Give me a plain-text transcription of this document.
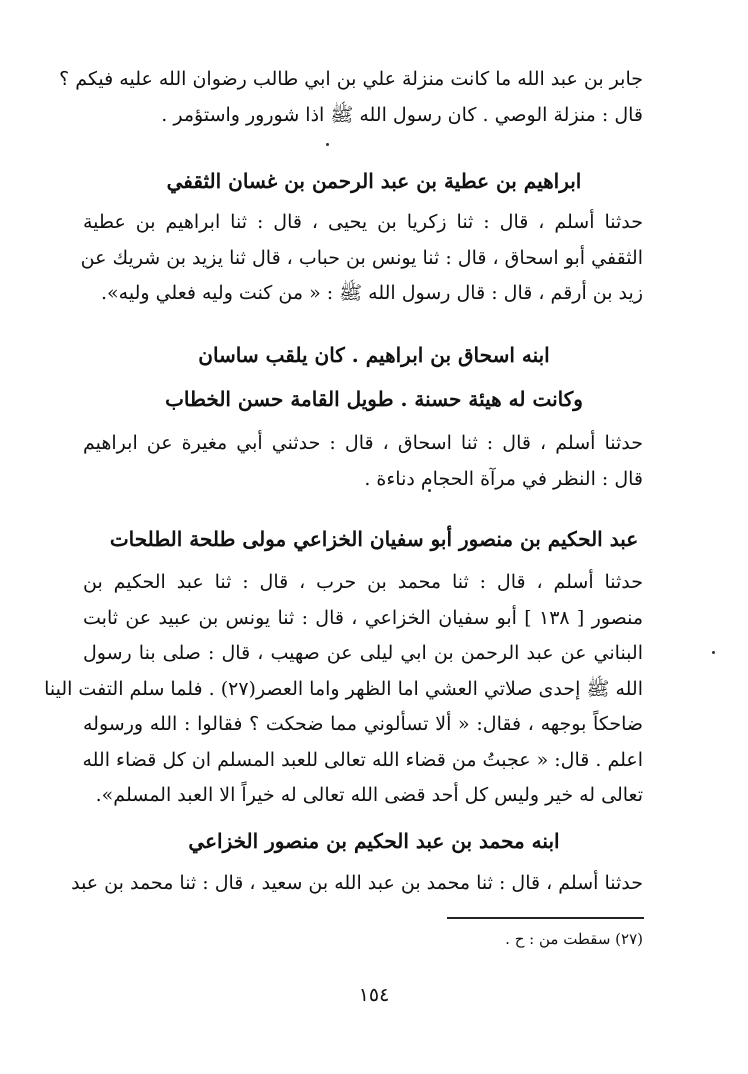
جابر بن عبد الله ما كانت منزلة علي بن ابي طالب رضوان الله عليه فيكم ؟
قال : منزلة الوصي . كان رسول الله ﷺ اذا شورور واستؤمر .

ابراهيم بن عطية بن عبد الرحمن بن غسان الثقفي

حدثنا أسلم ، قال : ثنا زكريا بن يحيى ، قال : ثنا ابراهيم بن عطية
الثقفي أبو اسحاق ، قال : ثنا يونس بن حباب ، قال ثنا يزيد بن شريك عن
زيد بن أرقم ، قال : قال رسول الله ﷺ : « من كنت وليه فعلي وليه».

ابنه اسحاق بن ابراهيم . كان يلقب ساسان
وكانت له هيئة حسنة . طويل القامة حسن الخطاب

حدثنا أسلم ، قال : ثنا اسحاق ، قال : حدثني أبي مغيرة عن ابراهيم
قال : النظر في مرآة الحجام دناءة .

عبد الحكيم بن منصور أبو سفيان الخزاعي مولى طلحة الطلحات

حدثنا أسلم ، قال : ثنا محمد بن حرب ، قال : ثنا عبد الحكيم بن
منصور [ ١٣٨ ] أبو سفيان الخزاعي ، قال : ثنا يونس بن عبيد عن ثابت
البناني عن عبد الرحمن بن ابي ليلى عن صهيب ، قال : صلى بنا رسول
الله ﷺ إحدى صلاتي العشي اما الظهر واما العصر(٢٧) . فلما سلم التفت الينا
ضاحكاً بوجهه ، فقال: « ألا تسألوني مما ضحكت ؟ فقالوا : الله ورسوله
اعلم . قال: « عجبتُ من قضاء الله تعالى للعبد المسلم ان كل قضاء الله
تعالى له خير وليس كل أحد قضى الله تعالى له خيراً الا العبد المسلم».

ابنه محمد بن عبد الحكيم بن منصور الخزاعي

حدثنا أسلم ، قال : ثنا محمد بن عبد الله بن سعيد ، قال : ثنا محمد بن عبد

(٢٧) سقطت من : ح .
١٥٤
